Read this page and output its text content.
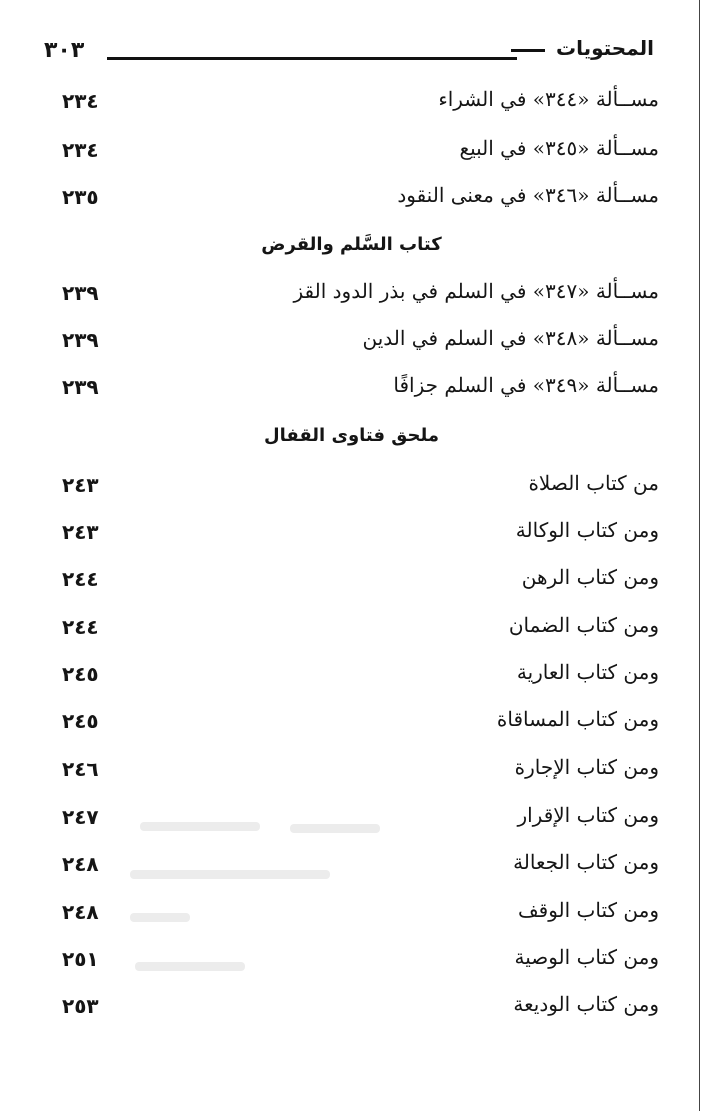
٣٠٣	المحتويات
مســألة «٣٤٤» في الشراء
٢٣٤
مســألة «٣٤٥» في البيع
٢٣٤
مســألة «٣٤٦» في معنى النقود
٢٣٥
كتاب السَّلم والقرض
مســألة «٣٤٧» في السلم في بذر الدود القز
٢٣٩
مســألة «٣٤٨» في السلم في الدين
٢٣٩
مســألة «٣٤٩» في السلم جزافًا
٢٣٩
ملحق فتاوى القفال
من كتاب الصلاة
٢٤٣
ومن كتاب الوكالة
٢٤٣
ومن كتاب الرهن
٢٤٤
ومن كتاب الضمان
٢٤٤
ومن كتاب العارية
٢٤٥
ومن كتاب المساقاة
٢٤٥
ومن كتاب الإجارة
٢٤٦
ومن كتاب الإقرار
٢٤٧
ومن كتاب الجعالة
٢٤٨
ومن كتاب الوقف
٢٤٨
ومن كتاب الوصية
٢٥١
ومن كتاب الوديعة
٢٥٣
